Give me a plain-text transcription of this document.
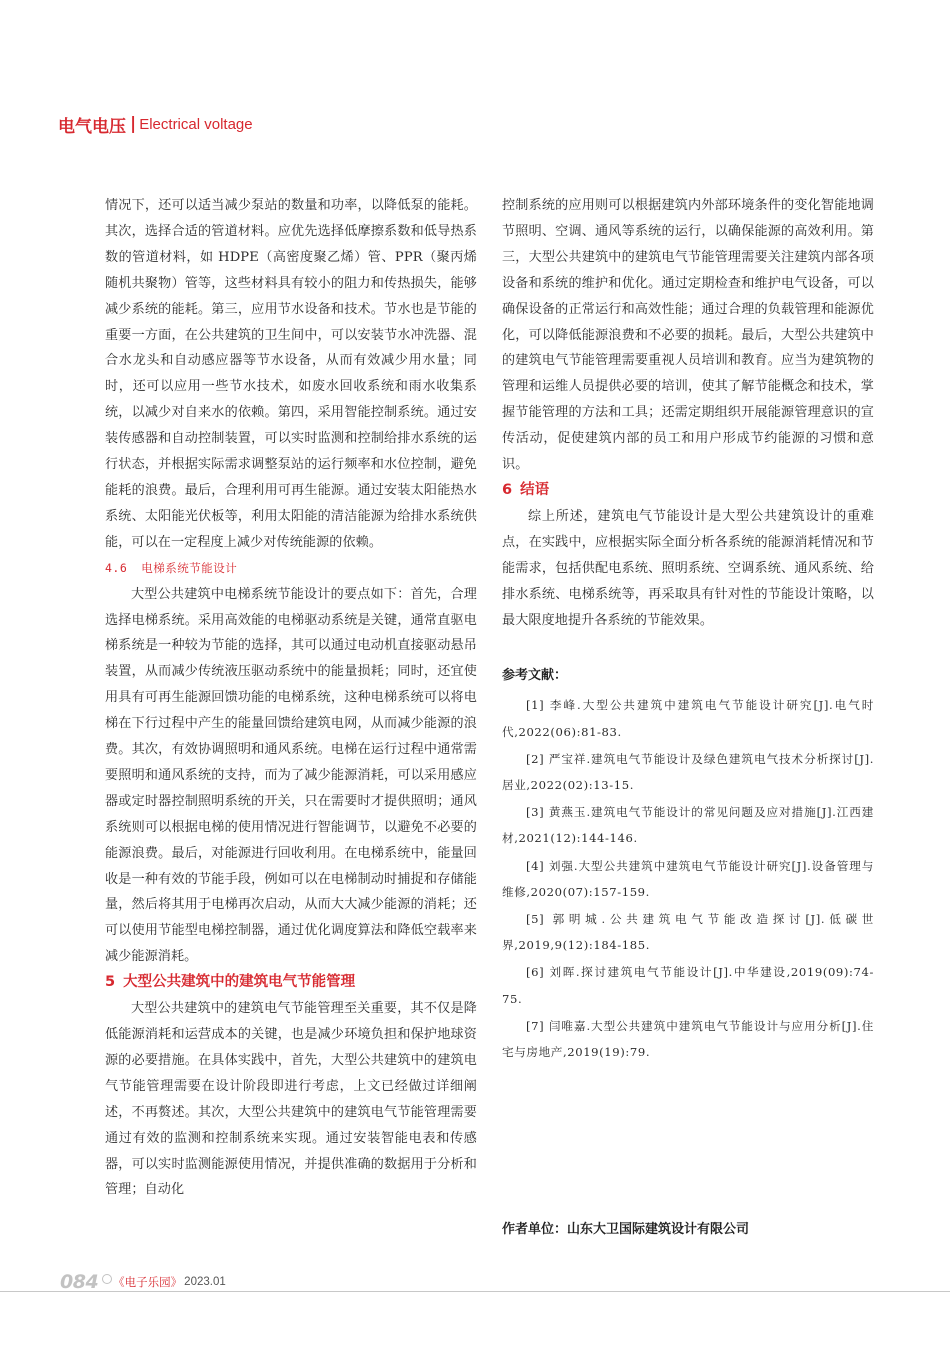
电气电压 | Electrical voltage

情况下，还可以适当减少泵站的数量和功率，以降低泵的能耗。其次，选择合适的管道材料。应优先选择低摩擦系数和低导热系数的管道材料，如 HDPE（高密度聚乙烯）管、PPR（聚丙烯随机共聚物）管等，这些材料具有较小的阻力和传热损失，能够减少系统的能耗。第三，应用节水设备和技术。节水也是节能的重要一方面，在公共建筑的卫生间中，可以安装节水冲洗器、混合水龙头和自动感应器等节水设备，从而有效减少用水量；同时，还可以应用一些节水技术，如废水回收系统和雨水收集系统，以减少对自来水的依赖。第四，采用智能控制系统。通过安装传感器和自动控制装置，可以实时监测和控制给排水系统的运行状态，并根据实际需求调整泵站的运行频率和水位控制，避免能耗的浪费。最后，合理利用可再生能源。通过安装太阳能热水系统、太阳能光伏板等，利用太阳能的清洁能源为给排水系统供能，可以在一定程度上减少对传统能源的依赖。

4.6 电梯系统节能设计

大型公共建筑中电梯系统节能设计的要点如下：首先，合理选择电梯系统。采用高效能的电梯驱动系统是关键，通常直驱电梯系统是一种较为节能的选择，其可以通过电动机直接驱动悬吊装置，从而减少传统液压驱动系统中的能量损耗；同时，还宜使用具有可再生能源回馈功能的电梯系统，这种电梯系统可以将电梯在下行过程中产生的能量回馈给建筑电网，从而减少能源的浪费。其次，有效协调照明和通风系统。电梯在运行过程中通常需要照明和通风系统的支持，而为了减少能源消耗，可以采用感应器或定时器控制照明系统的开关，只在需要时才提供照明；通风系统则可以根据电梯的使用情况进行智能调节，以避免不必要的能源浪费。最后，对能源进行回收利用。在电梯系统中，能量回收是一种有效的节能手段，例如可以在电梯制动时捕捉和存储能量，然后将其用于电梯再次启动，从而大大减少能源的消耗；还可以使用节能型电梯控制器，通过优化调度算法和降低空载率来减少能源消耗。

5 大型公共建筑中的建筑电气节能管理

大型公共建筑中的建筑电气节能管理至关重要，其不仅是降低能源消耗和运营成本的关键，也是减少环境负担和保护地球资源的必要措施。在具体实践中，首先，大型公共建筑中的建筑电气节能管理需要在设计阶段即进行考虑，上文已经做过详细阐述，不再赘述。其次，大型公共建筑中的建筑电气节能管理需要通过有效的监测和控制系统来实现。通过安装智能电表和传感器，可以实时监测能源使用情况，并提供准确的数据用于分析和管理；自动化

控制系统的应用则可以根据建筑内外部环境条件的变化智能地调节照明、空调、通风等系统的运行，以确保能源的高效利用。第三，大型公共建筑中的建筑电气节能管理需要关注建筑内部各项设备和系统的维护和优化。通过定期检查和维护电气设备，可以确保设备的正常运行和高效性能；通过合理的负载管理和能源优化，可以降低能源浪费和不必要的损耗。最后，大型公共建筑中的建筑电气节能管理需要重视人员培训和教育。应当为建筑物的管理和运维人员提供必要的培训，使其了解节能概念和技术，掌握节能管理的方法和工具；还需定期组织开展能源管理意识的宣传活动，促使建筑内部的员工和用户形成节约能源的习惯和意识。

6 结语

综上所述，建筑电气节能设计是大型公共建筑设计的重难点，在实践中，应根据实际全面分析各系统的能源消耗情况和节能需求，包括供配电系统、照明系统、空调系统、通风系统、给排水系统、电梯系统等，再采取具有针对性的节能设计策略，以最大限度地提升各系统的节能效果。

参考文献：

[1] 李峰.大型公共建筑中建筑电气节能设计研究[J].电气时代,2022(06):81-83.

[2] 严宝祥.建筑电气节能设计及绿色建筑电气技术分析探讨[J].居业,2022(02):13-15.

[3] 黄燕玉.建筑电气节能设计的常见问题及应对措施[J].江西建材,2021(12):144-146.

[4] 刘强.大型公共建筑中建筑电气节能设计研究[J].设备管理与维修,2020(07):157-159.

[5] 郭明城.公共建筑电气节能改造探讨[J].低碳世界,2019,9(12):184-185.

[6] 刘晖.探讨建筑电气节能设计[J].中华建设,2019(09):74-75.

[7] 闫唯嘉.大型公共建筑中建筑电气节能设计与应用分析[J].住宅与房地产,2019(19):79.

作者单位：山东大卫国际建筑设计有限公司
084 ○ 《电子乐园》 2023.01
